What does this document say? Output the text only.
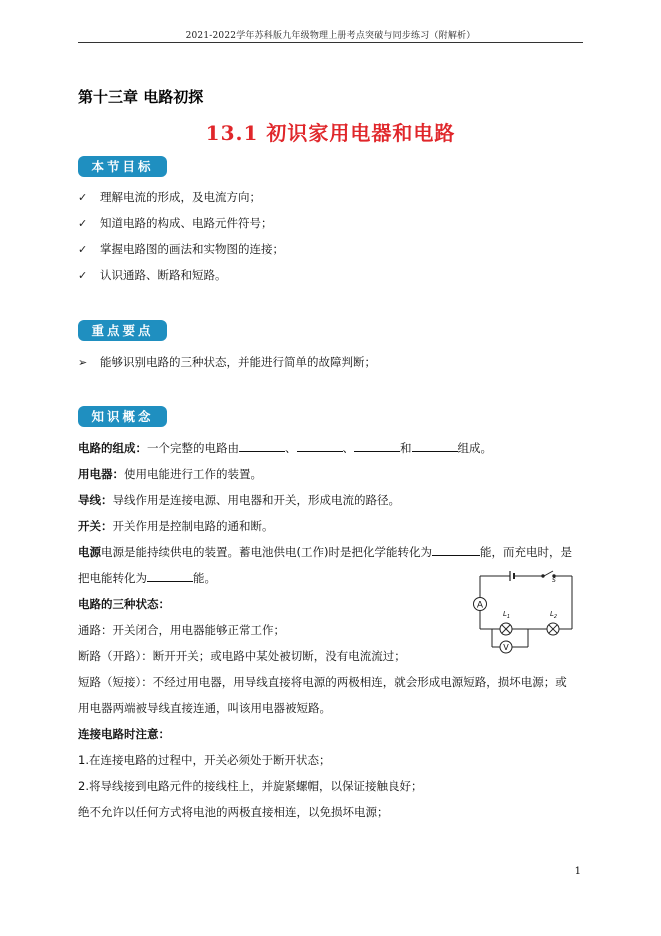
2021-2022学年苏科版九年级物理上册考点突破与同步练习（附解析）
第十三章 电路初探
13.1 初识家用电器和电路
本节目标
✓ 理解电流的形成，及电流方向；
✓ 知道电路的构成、电路元件符号；
✓ 掌握电路图的画法和实物图的连接；
✓ 认识通路、断路和短路。
重点要点
➢ 能够识别电路的三种状态，并能进行简单的故障判断；
知识概念
电路的组成：一个完整的电路由	、	、	和	组成。
用电器：使用电能进行工作的装置。
导线：导线作用是连接电源、用电器和开关，形成电流的路径。
开关：开关作用是控制电路的通和断。
电源电源是能持续供电的装置。蓄电池供电(工作)时是把化学能转化为	能，而充电时，是
把电能转化为	能。
电路的三种状态：
通路：开关闭合，用电器能够正常工作；
断路（开路）：断开开关；或电路中某处被切断，没有电流流过；
短路（短接）：不经过用电器，用导线直接将电源的两极相连，就会形成电源短路，损坏电源；或
用电器两端被导线直接连通，叫该用电器被短路。
连接电路时注意：
1.在连接电路的过程中，开关必须处于断开状态；
2.将导线接到电路元件的接线柱上，并旋紧螺帽，以保证接触良好；
绝不允许以任何方式将电池的两极直接相连，以免损坏电源；
A
$L_1$	$L_2$
S
V
1
